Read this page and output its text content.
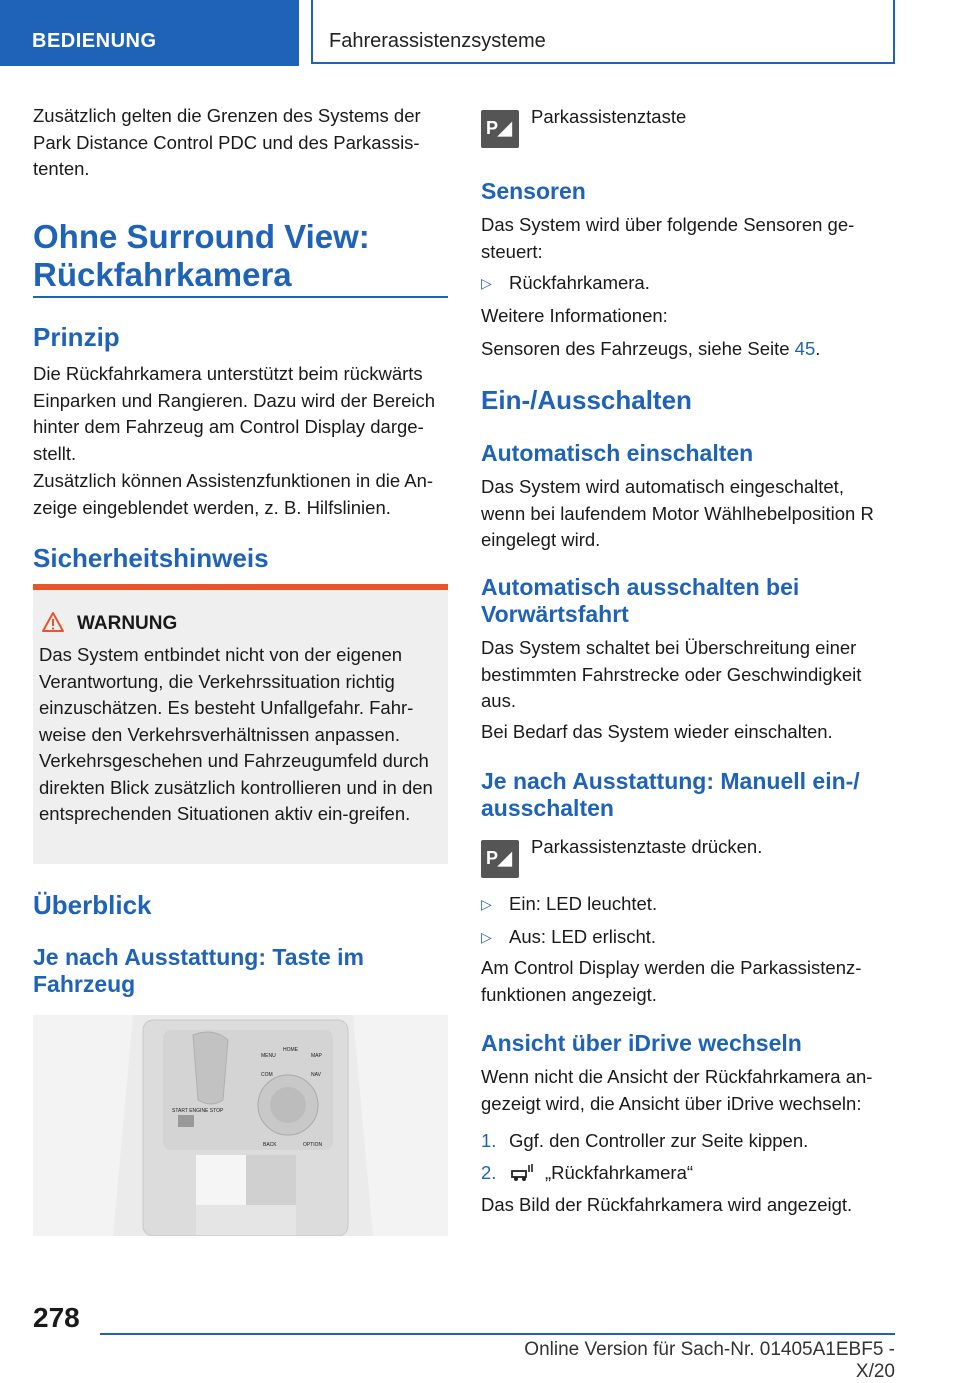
BEDIENUNG	Fahrerassistenzsysteme

Zusätzlich gelten die Grenzen des Systems der Park Distance Control PDC und des Parkassis-tenten.

Ohne Surround View:
Rückfahrkamera
Prinzip

Die Rückfahrkamera unterstützt beim rückwärts Einparken und Rangieren. Dazu wird der Bereich hinter dem Fahrzeug am Control Display darge-stellt.

Zusätzlich können Assistenzfunktionen in die An-zeige eingeblendet werden, z. B. Hilfslinien.

Sicherheitshinweis
WARNUNG

Das System entbindet nicht von der eigenen Verantwortung, die Verkehrssituation richtig einzuschätzen. Es besteht Unfallgefahr. Fahr-weise den Verkehrsverhältnissen anpassen. Verkehrsgeschehen und Fahrzeugumfeld durch direkten Blick zusätzlich kontrollieren und in den entsprechenden Situationen aktiv ein-greifen.

Überblick
Je nach Ausstattung: Taste im Fahrzeug
START ENGINE STOP
MENU
HOME
MAP
COM	NAV
BACK	OPTION
P◢
Parkassistenztaste
Sensoren

Das System wird über folgende Sensoren ge-steuert:

▷ Rückfahrkamera.

Weitere Informationen:

Sensoren des Fahrzeugs, siehe Seite 45.

Ein-/Ausschalten
Automatisch einschalten

Das System wird automatisch eingeschaltet, wenn bei laufendem Motor Wählhebelposition R eingelegt wird.

Automatisch ausschalten bei Vorwärtsfahrt

Das System schaltet bei Überschreitung einer bestimmten Fahrstrecke oder Geschwindigkeit aus.

Bei Bedarf das System wieder einschalten.

Je nach Ausstattung: Manuell ein-/ ausschalten
P◢
Parkassistenztaste drücken.
▷ Ein: LED leuchtet.
▷ Aus: LED erlischt.

Am Control Display werden die Parkassistenz-funktionen angezeigt.

Ansicht über iDrive wechseln

Wenn nicht die Ansicht der Rückfahrkamera an-gezeigt wird, die Ansicht über iDrive wechseln:

1. Ggf. den Controller zur Seite kippen.
2.	„Rückfahrkamera“

Das Bild der Rückfahrkamera wird angezeigt.

278
Online Version für Sach-Nr. 01405A1EBF5 - X/20
